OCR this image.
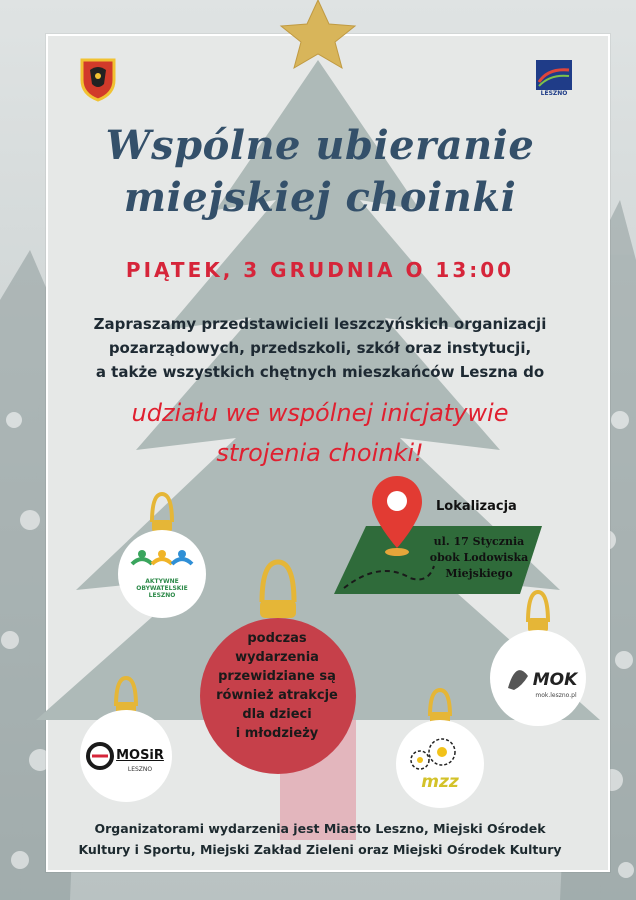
LESZNO
Wspólne ubieranie
miejskiej choinki
PIĄTEK, 3 GRUDNIA O 13:00
Zapraszamy przedstawicieli leszczyńskich organizacji
pozarządowych, przedszkoli, szkół oraz instytucji,
a także wszystkich chętnych mieszkańców Leszna do
udziału we wspólnej inicjatywie
strojenia choinki!
Lokalizacja
ul. 17 Stycznia
obok Lodowiska
Miejskiego
AKTYWNE
OBYWATELSKIE
LESZNO
podczas
wydarzenia
przewidziane są
również atrakcje
dla dzieci
i młodzieży
MOK
mok.leszno.pl
MOSiR
LESZNO
mzz
Organizatorami wydarzenia jest Miasto Leszno, Miejski Ośrodek
Kultury i Sportu, Miejski Zakład Zieleni oraz Miejski Ośrodek Kultury
